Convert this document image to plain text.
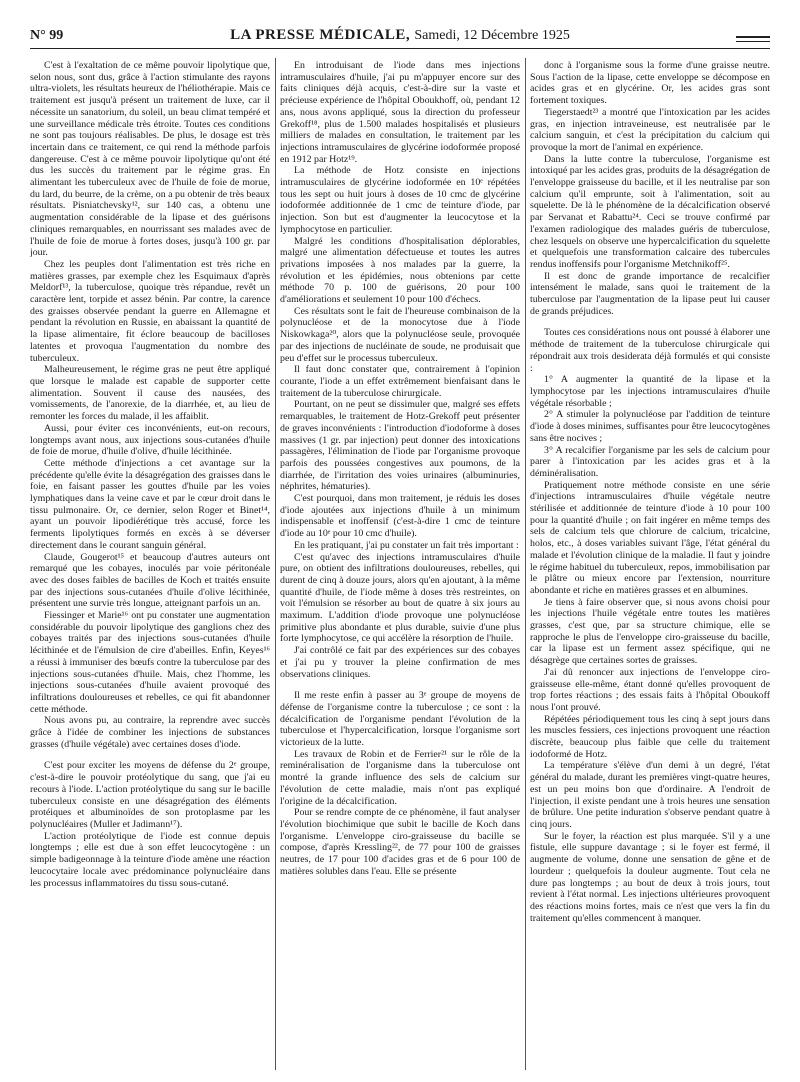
N° 99	LA PRESSE MÉDICALE, Samedi, 12 Décembre 1925

C'est à l'exaltation de ce même pouvoir lipolytique que, selon nous, sont dus, grâce à l'action stimulante des rayons ultra-violets, les résultats heureux de l'héliothérapie. Mais ce traitement est jusqu'à présent un traitement de luxe, car il nécessite un sanatorium, du soleil, un beau climat tempéré et une surveillance médicale très étroite. Toutes ces conditions ne sont pas toujours réalisables. De plus, le dosage est très incertain dans ce traitement, ce qui rend la méthode parfois dangereuse. C'est à ce même pouvoir lipolytique qu'ont été dus les succès du traitement par le régime gras. En alimentant les tuberculeux avec de l'huile de foie de morue, du lard, du beurre, de la crème, on a pu obtenir de très beaux résultats. Pisniatchevsky¹², sur 140 cas, a obtenu une augmentation considérable de la lipase et des guérisons cliniques remarquables, en nourrissant ses malades avec de l'huile de foie de morue à fortes doses, jusqu'à 100 gr. par jour.

Chez les peuples dont l'alimentation est très riche en matières grasses, par exemple chez les Esquimaux d'après Meldorf¹³, la tuberculose, quoique très répandue, revêt un caractère lent, torpide et assez bénin. Par contre, la carence des graisses observée pendant la guerre en Allemagne et pendant la révolution en Russie, en abaissant la quantité de la lipase alimentaire, fit éclore beaucoup de bacilloses latentes et provoqua l'augmentation du nombre des tuberculeux.

Malheureusement, le régime gras ne peut être appliqué que lorsque le malade est capable de supporter cette alimentation. Souvent il cause des nausées, des vomissements, de l'anorexie, de la diarrhée, et, au lieu de remonter les forces du malade, il les affaiblit.

Aussi, pour éviter ces inconvénients, eut-on recours, longtemps avant nous, aux injections sous-cutanées d'huile de foie de morue, d'huile d'olive, d'huile lécithinée.

Cette méthode d'injections a cet avantage sur la précédente qu'elle évite la désagrégation des graisses dans le foie, en faisant passer les gouttes d'huile par les voies lymphatiques dans la veine cave et par le cœur droit dans le tissu pulmonaire. Or, ce dernier, selon Roger et Binet¹⁴, ayant un pouvoir lipodiérétique très accusé, force les ferments lipolytiques formés en excès à se déverser directement dans le courant sanguin général.

Claude, Gougerot¹⁵ et beaucoup d'autres auteurs ont remarqué que les cobayes, inoculés par voie péritonéale avec des doses faibles de bacilles de Koch et traités ensuite par des injections sous-cutanées d'huile d'olive lécithinée, présentent une survie très longue, atteignant parfois un an.

Fiessinger et Marie¹⁶ ont pu constater une augmentation considérable du pouvoir lipolytique des ganglions chez des cobayes traités par des injections sous-cutanées d'huile lécithinée et de l'émulsion de cire d'abeilles. Enfin, Keyes¹⁶ a réussi à immuniser des bœufs contre la tuberculose par des injections sous-cutanées d'huile. Mais, chez l'homme, les injections sous-cutanées d'huile avaient provoqué des infiltrations douloureuses et rebelles, ce qui fit abandonner cette méthode.

Nous avons pu, au contraire, la reprendre avec succès grâce à l'idée de combiner les injections de substances grasses (d'huile végétale) avec certaines doses d'iode.

C'est pour exciter les moyens de défense du 2ᵉ groupe, c'est-à-dire le pouvoir protéolytique du sang, que j'ai eu recours à l'iode. L'action protéolytique du sang sur le bacille tuberculeux consiste en une désagrégation des éléments protéiques et albuminoïdes de son protoplasme par les polynucléaires (Muller et Jadimann¹⁷).

L'action protéolytique de l'iode est connue depuis longtemps ; elle est due à son effet leucocytogène : un simple badigeonnage à la teinture d'iode amène une réaction leucocytaire locale avec prédominance polynucléaire dans les processus inflammatoires du tissu sous-cutané.

En introduisant de l'iode dans mes injections intramusculaires d'huile, j'ai pu m'appuyer encore sur des faits cliniques déjà acquis, c'est-à-dire sur la vaste et précieuse expérience de l'hôpital Oboukhoff, où, pendant 12 ans, nous avons appliqué, sous la direction du professeur Grekoff¹⁸, plus de 1.500 malades hospitalisés et plusieurs milliers de malades en consultation, le traitement par les injections intramusculaires de glycérine iodoformée proposé en 1912 par Hotz¹⁹.

La méthode de Hotz consiste en injections intramusculaires de glycérine iodoformée en 10ᵉ répétées tous les sept ou huit jours à doses de 10 cmc de glycérine iodoformée additionnée de 1 cmc de teinture d'iode, par injection. Son but est d'augmenter la leucocytose et la lymphocytose en particulier.

Malgré les conditions d'hospitalisation déplorables, malgré une alimentation défectueuse et toutes les autres privations imposées à nos malades par la guerre, la révolution et les épidémies, nous obtenions par cette méthode 70 p. 100 de guérisons, 20 pour 100 d'améliorations et seulement 10 pour 100 d'échecs.

Ces résultats sont le fait de l'heureuse combinaison de la polynucléose et de la monocytose due à l'iode Niskowkaga²⁰, alors que la polynucléose seule, provoquée par des injections de nucléinate de soude, ne produisait que peu d'effet sur le processus tuberculeux.

Il faut donc constater que, contrairement à l'opinion courante, l'iode a un effet extrêmement bienfaisant dans le traitement de la tuberculose chirurgicale.

Pourtant, on ne peut se dissimuler que, malgré ses effets remarquables, le traitement de Hotz-Grekoff peut présenter de graves inconvénients : l'introduction d'iodoforme à doses massives (1 gr. par injection) peut donner des intoxications passagères, l'élimination de l'iode par l'organisme provoque parfois des poussées congestives aux poumons, de la diarrhée, de l'irritation des voies urinaires (albuminuries, néphrites, hématuries).

C'est pourquoi, dans mon traitement, je réduis les doses d'iode ajoutées aux injections d'huile à un minimum indispensable et inoffensif (c'est-à-dire 1 cmc de teinture d'iode au 10ᵉ pour 10 cmc d'huile).

En les pratiquant, j'ai pu constater un fait très important :

C'est qu'avec des injections intramusculaires d'huile pure, on obtient des infiltrations douloureuses, rebelles, qui durent de cinq à douze jours, alors qu'en ajoutant, à la même quantité d'huile, de l'iode même à doses très restreintes, on voit l'émulsion se résorber au bout de quatre à six jours au maximum. L'addition d'iode provoque une polynucléose primitive plus abondante et plus durable, suivie d'une plus forte lymphocytose, ce qui accélère la résorption de l'huile.

J'ai contrôlé ce fait par des expériences sur des cobayes et j'ai pu y trouver la pleine confirmation de mes observations cliniques.

Il me reste enfin à passer au 3ᵉ groupe de moyens de défense de l'organisme contre la tuberculose ; ce sont : la décalcification de l'organisme pendant l'évolution de la tuberculose et l'hypercalcification, lorsque l'organisme sort victorieux de la lutte.

Les travaux de Robin et de Ferrier²¹ sur le rôle de la reminéralisation de l'organisme dans la tuberculose ont montré la grande influence des sels de calcium sur l'évolution de cette maladie, mais n'ont pas expliqué l'origine de la décalcification.

Pour se rendre compte de ce phénomène, il faut analyser l'évolution biochimique que subit le bacille de Koch dans l'organisme. L'enveloppe ciro-graisseuse du bacille se compose, d'après Kressling²², de 77 pour 100 de graisses neutres, de 17 pour 100 d'acides gras et de 6 pour 100 de matières solubles dans l'eau. Elle se présente

donc à l'organisme sous la forme d'une graisse neutre. Sous l'action de la lipase, cette enveloppe se décompose en acides gras et en glycérine. Or, les acides gras sont fortement toxiques.

Tiegerstaedt²³ a montré que l'intoxication par les acides gras, en injection intraveineuse, est neutralisée par le calcium sanguin, et c'est la précipitation du calcium qui provoque la mort de l'animal en expérience.

Dans la lutte contre la tuberculose, l'organisme est intoxiqué par les acides gras, produits de la désagrégation de l'enveloppe graisseuse du bacille, et il les neutralise par son calcium qu'il emprunte, soit à l'alimentation, soit au squelette. De là le phénomène de la décalcification observé par Servanat et Rabattu²⁴. Ceci se trouve confirmé par l'examen radiologique des malades guéris de tuberculose, chez lesquels on observe une hypercalcification du squelette et quelquefois une transformation calcaire des tubercules rendus inoffensifs pour l'organisme Metchnikoff²⁵.

Il est donc de grande importance de recalcifier intensément le malade, sans quoi le traitement de la tuberculose par l'augmentation de la lipase peut lui causer de grands préjudices.

Toutes ces considérations nous ont poussé à élaborer une méthode de traitement de la tuberculose chirurgicale qui répondrait aux trois desiderata déjà formulés et qui consiste :

1° A augmenter la quantité de la lipase et la lymphocytose par les injections intramusculaires d'huile végétale résorbable ;

2° A stimuler la polynucléose par l'addition de teinture d'iode à doses minimes, suffisantes pour être leucocytogènes sans être nocives ;

3° A recalcifier l'organisme par les sels de calcium pour parer à l'intoxication par les acides gras et à la déminéralisation.

Pratiquement notre méthode consiste en une série d'injections intramusculaires d'huile végétale neutre stérilisée et additionnée de teinture d'iode à 10 pour 100 pour la quantité d'huile ; on fait ingérer en même temps des sels de calcium tels que chlorure de calcium, tricalcine, holos, etc., à doses variables suivant l'âge, l'état général du malade et l'évolution clinique de la maladie. Il faut y joindre le régime habituel du tuberculeux, repos, immobilisation par le plâtre ou mieux encore par l'extension, nourriture abondante et riche en matières grasses et en albumines.

Je tiens à faire observer que, si nous avons choisi pour les injections l'huile végétale entre toutes les matières grasses, c'est que, par sa structure chimique, elle se rapproche le plus de l'enveloppe ciro-graisseuse du bacille, car la lipase est un ferment assez spécifique, qui ne désagrège que certaines sortes de graisses.

J'ai dû renoncer aux injections de l'enveloppe ciro-graisseuse elle-même, étant donné qu'elles provoquent de trop fortes réactions ; des essais faits à l'hôpital Oboukoff nous l'ont prouvé.

Répétées périodiquement tous les cinq à sept jours dans les muscles fessiers, ces injections provoquent une réaction discrète, beaucoup plus faible que celle du traitement iodoformé de Hotz.

La température s'élève d'un demi à un degré, l'état général du malade, durant les premières vingt-quatre heures, est un peu moins bon que d'ordinaire. A l'endroit de l'injection, il existe pendant une à trois heures une sensation de brûlure. Une petite induration s'observe pendant quatre à cinq jours.

Sur le foyer, la réaction est plus marquée. S'il y a une fistule, elle suppure davantage ; si le foyer est fermé, il augmente de volume, donne une sensation de gêne et de lourdeur ; quelquefois la douleur augmente. Tout cela ne dure pas longtemps ; au bout de deux à trois jours, tout revient à l'état normal. Les injections ultérieures provoquent des réactions moins fortes, mais ce n'est que vers la fin du traitement qu'elles commencent à manquer.
